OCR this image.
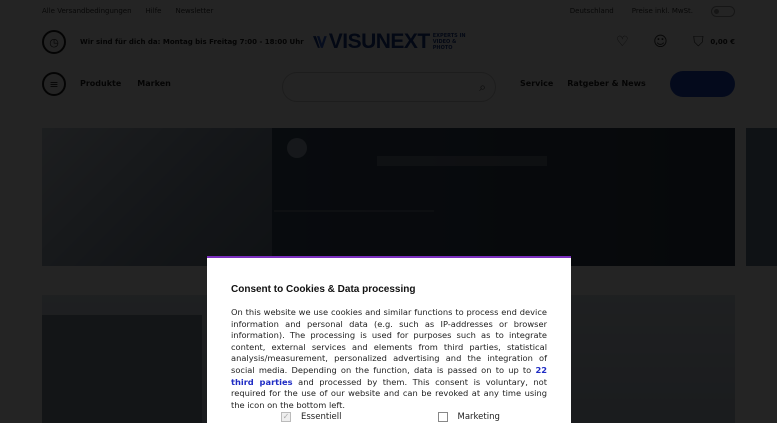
Consent to Cookies & Data processing

On this website we use cookies and similar functions to process end device information and personal data (e.g. such as IP-addresses or browser information). The processing is used for purposes such as to integrate content, external services and elements from third parties, statistical analysis/measurement, personalized advertising and the integration of social media. Depending on the function, data is passed on to up to 22 third parties and processed by them. This consent is voluntary, not required for the use of our website and can be revoked at any time using the icon on the bottom left.

✓ Essentiell	Marketing
